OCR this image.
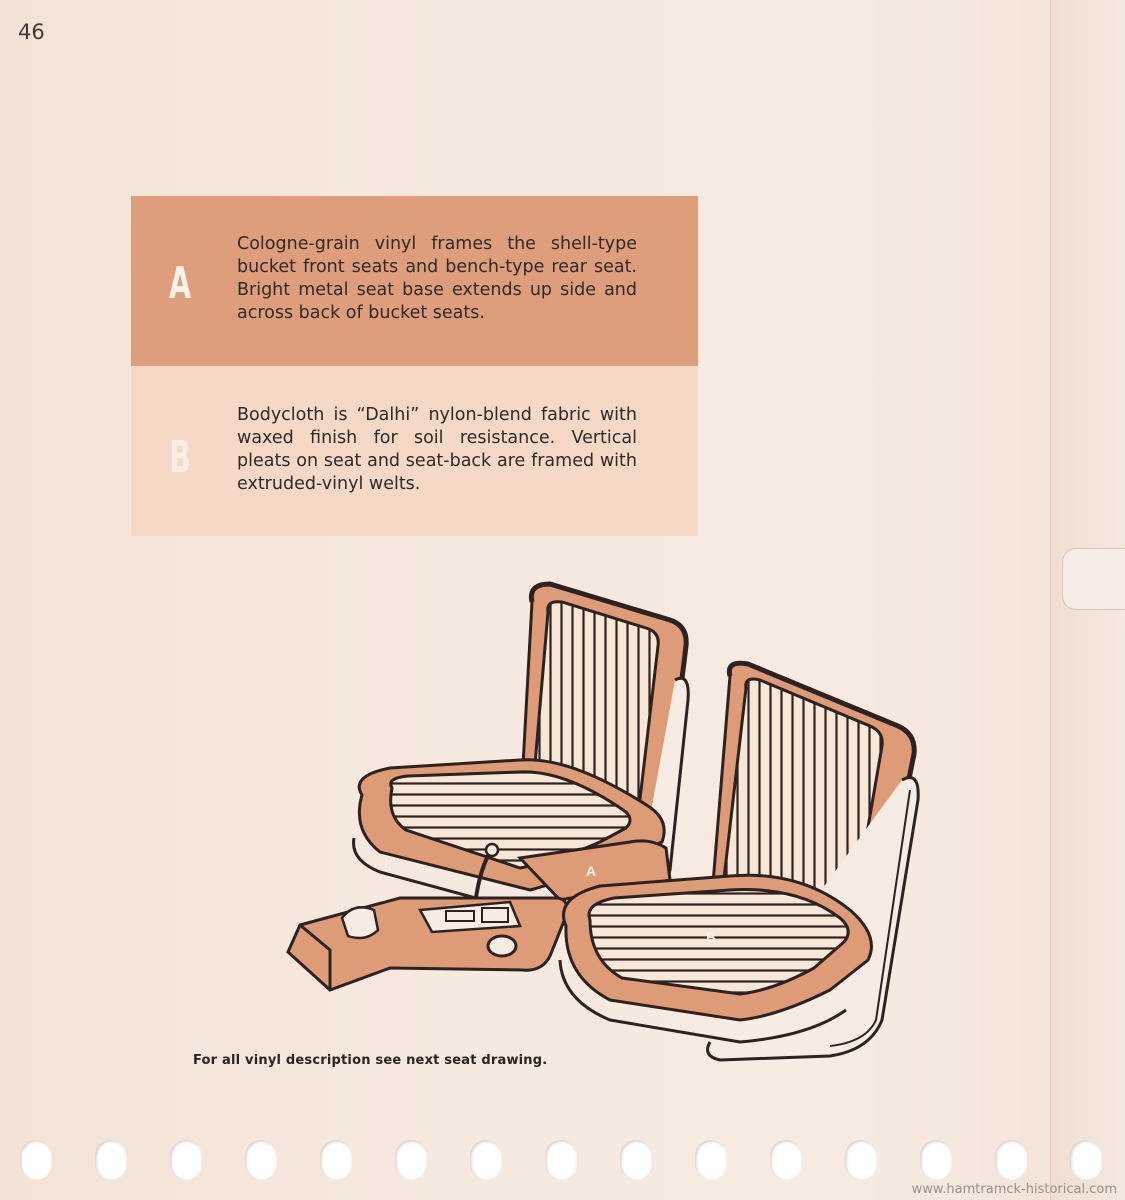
46
A
Cologne-grain vinyl frames the shell-type bucket front seats and bench-type rear seat. Bright metal seat base extends up side and across back of bucket seats.
B
Bodycloth is “Dalhi” nylon-blend fabric with waxed finish for soil resistance. Vertical pleats on seat and seat-back are framed with extruded-vinyl welts.
A
B
For all vinyl description see next seat drawing.
www.hamtramck-historical.com
